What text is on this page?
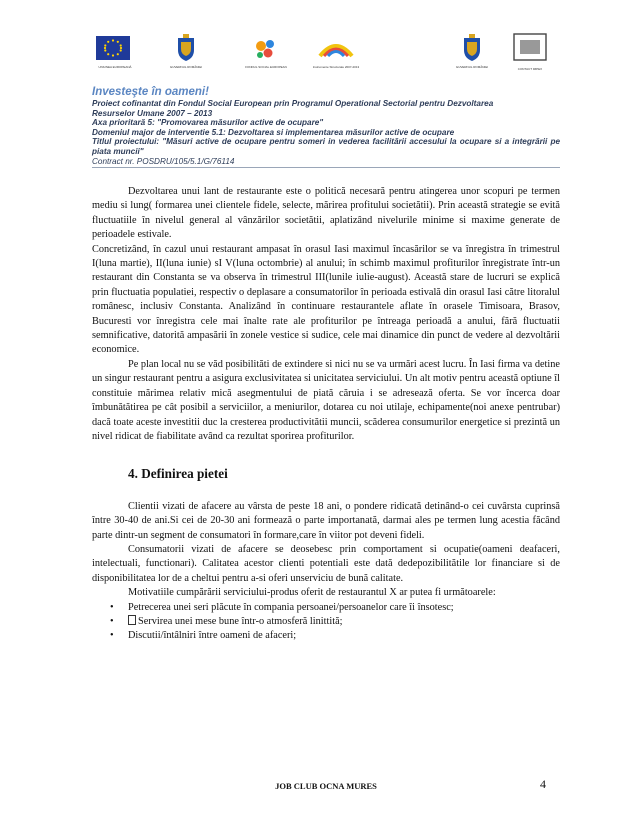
UNIUNEA EUROPEANĂ	GUVERNUL ROMÂNIEI	FONDUL SOCIAL EUROPEAN	Instrumente Structurale 2007-2013	GUVERNUL ROMÂNIEI	CONTACT IMPEX
Investeşte în oameni!
Proiect cofinantat din Fondul Social European prin Programul Operational Sectorial pentru Dezvoltarea
Resurselor Umane 2007 – 2013
Axa prioritară 5: "Promovarea măsurilor active de ocupare"
Domeniul major de interventie 5.1: Dezvoltarea si implementarea măsurilor active de ocupare
Titlul proiectului: "Măsuri active de ocupare pentru someri in vederea facilitării accesului la ocupare si a integrării pe piata muncii"
Contract nr. POSDRU/105/5.1/G/76114

Dezvoltarea unui lant de restaurante este o politică necesară pentru atingerea unor scopuri pe termen mediu si lung( formarea unei clientele fidele, selecte, mărirea profitului societătii). Prin această strategie se evită fluctuatiile în nivelul general al vânzărilor societătii, aplatizând nivelurile minime si maxime generate de perioadele estivale.

Concretizând, în cazul unui restaurant ampasat în orasul Iasi maximul încasărilor se va înregistra în trimestrul I(luna martie), II(luna iunie) sI V(luna octombrie) al anului; în schimb maximul profiturilor înregistrate într-un restaurant din Constanta se va observa în trimestrul III(lunile iulie-august). Această stare de lucruri se explică prin fluctuatia populatiei, respectiv o deplasare a consumatorilor în perioada estivală din orasul Iasi către litoralul românesc, inclusiv Constanta. Analizând în continuare restaurantele aflate în orasele Timisoara, Brasov, Bucuresti vor înregistra cele mai înalte rate ale profiturilor pe întreaga perioadă a anului, fără fluctuatii semnificative, datorită ampasării în zonele vestice si sudice, cele mai dinamice din punct de vedere al dezvoltării economice.

Pe plan local nu se văd posibilităti de extindere si nici nu se va urmări acest lucru. În Iasi firma va detine un singur restaurant pentru a asigura exclusivitatea si unicitatea serviciului. Un alt motiv pentru această optiune îl constituie mărimea relativ mică asegmentului de piată căruia i se adresează oferta. Se vor încerca doar îmbunătătirea pe cât posibil a serviciilor, a meniurilor, dotarea cu noi utilaje, echipamente(noi anexe pentrubar) dacă toate aceste investitii duc la cresterea productivitătii muncii, scăderea consumurilor energetice si prezintă un nivel ridicat de fiabilitate având ca rezultat sporirea profiturilor.

4. Definirea pietei

Clientii vizati de afacere au vârsta de peste 18 ani, o pondere ridicată detinând-o cei cuvârsta cuprinsă între 30-40 de ani.Si cei de 20-30 ani formează o parte importanată, darmai ales pe termen lung acestia făcând parte dintr-un segment de consumatori în formare,care în viitor pot deveni fideli.

Consumatorii vizati de afacere se deosebesc prin comportament si ocupatie(oameni deafaceri, intelectuali, functionari). Calitatea acestor clienti potentiali este dată dedepozibilitătile lor financiare si de disponibilitatea lor de a cheltui pentru a-si oferi unserviciu de bună calitate.

Motivatiile cumpărării serviciului-produs oferit de restaurantul X ar putea fi următoarele:

• Petrecerea unei seri plăcute în compania persoanei/persoanelor care îi însotesc;
• Servirea unei mese bune într-o atmosferă linittită;
• Discutii/întâlniri între oameni de afaceri;
JOB CLUB OCNA MURES	4
